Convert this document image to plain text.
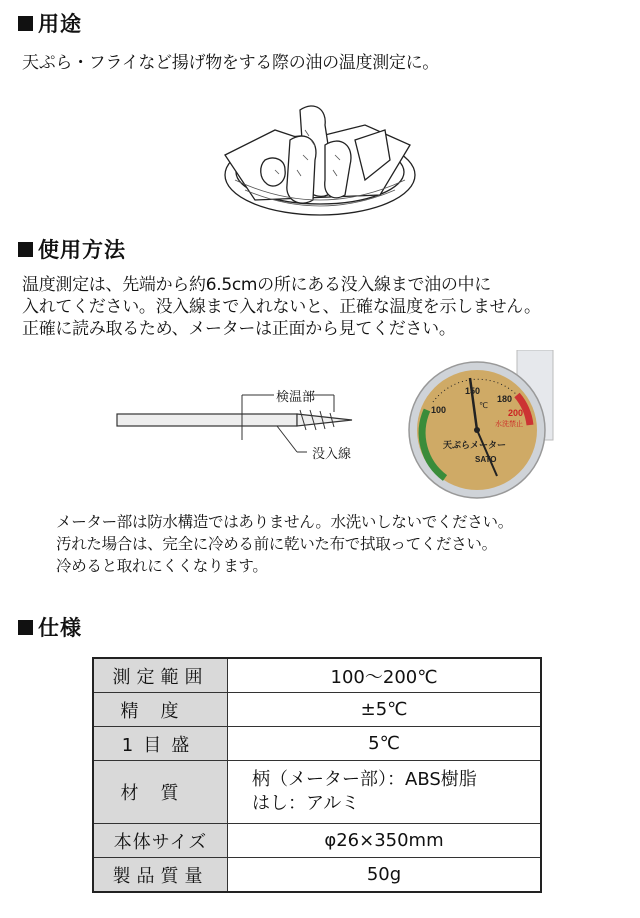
用途
天ぷら・フライなど揚げ物をする際の油の温度測定に。
使用方法
温度測定は、先端から約6.5cmの所にある没入線まで油の中に
入れてください。没入線まで入れないと、正確な温度を示しません。
正確に読み取るため、メーターは正面から見てください。
検温部
没入線
100
150
180
200
℃
水洗禁止
天ぷらメーター
SATO
メーター部は防水構造ではありません。水洗いしないでください。
汚れた場合は、完全に冷める前に乾いた布で拭取ってください。
冷めると取れにくくなります。
仕様
測定範囲	100〜200℃
精度	±5℃
1目盛	5℃
材質	柄（メーター部）：ABS樹脂
はし：アルミ

本体サイズ	φ26×350mm
製品質量	50g
